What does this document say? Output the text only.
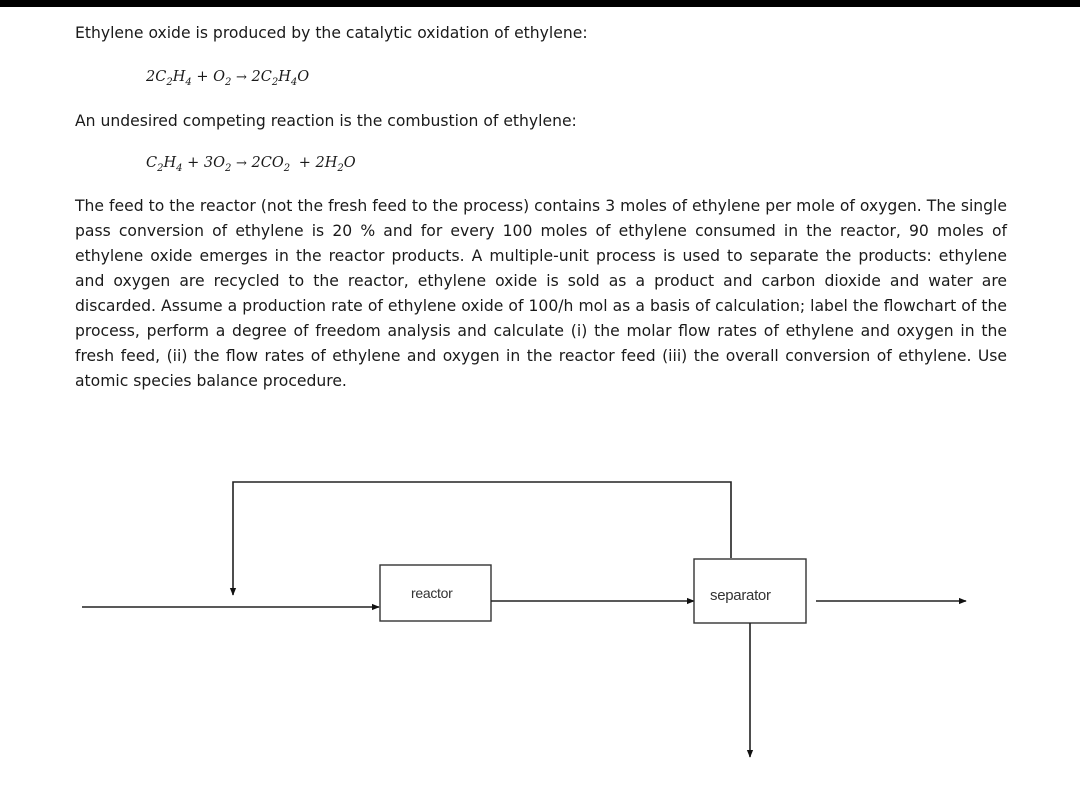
Ethylene oxide is produced by the catalytic oxidation of ethylene:

$2C_2H_4 + O_2 \to 2C_2H_4O$

An undesired competing reaction is the combustion of ethylene:

$C_2H_4 + 3O_2 \to 2CO_2 + 2H_2O$

The feed to the reactor (not the fresh feed to the process) contains 3 moles of ethylene per mole of oxygen. The single pass conversion of ethylene is 20 % and for every 100 moles of ethylene consumed in the reactor, 90 moles of ethylene oxide emerges in the reactor products. A multiple-unit process is used to separate the products: ethylene and oxygen are recycled to the reactor, ethylene oxide is sold as a product and carbon dioxide and water are discarded. Assume a production rate of ethylene oxide of 100/h mol as a basis of calculation; label the flowchart of the process, perform a degree of freedom analysis and calculate (i) the molar flow rates of ethylene and oxygen in the fresh feed, (ii) the flow rates of ethylene and oxygen in the reactor feed (iii) the overall conversion of ethylene. Use atomic species balance procedure.

reactor	separator
